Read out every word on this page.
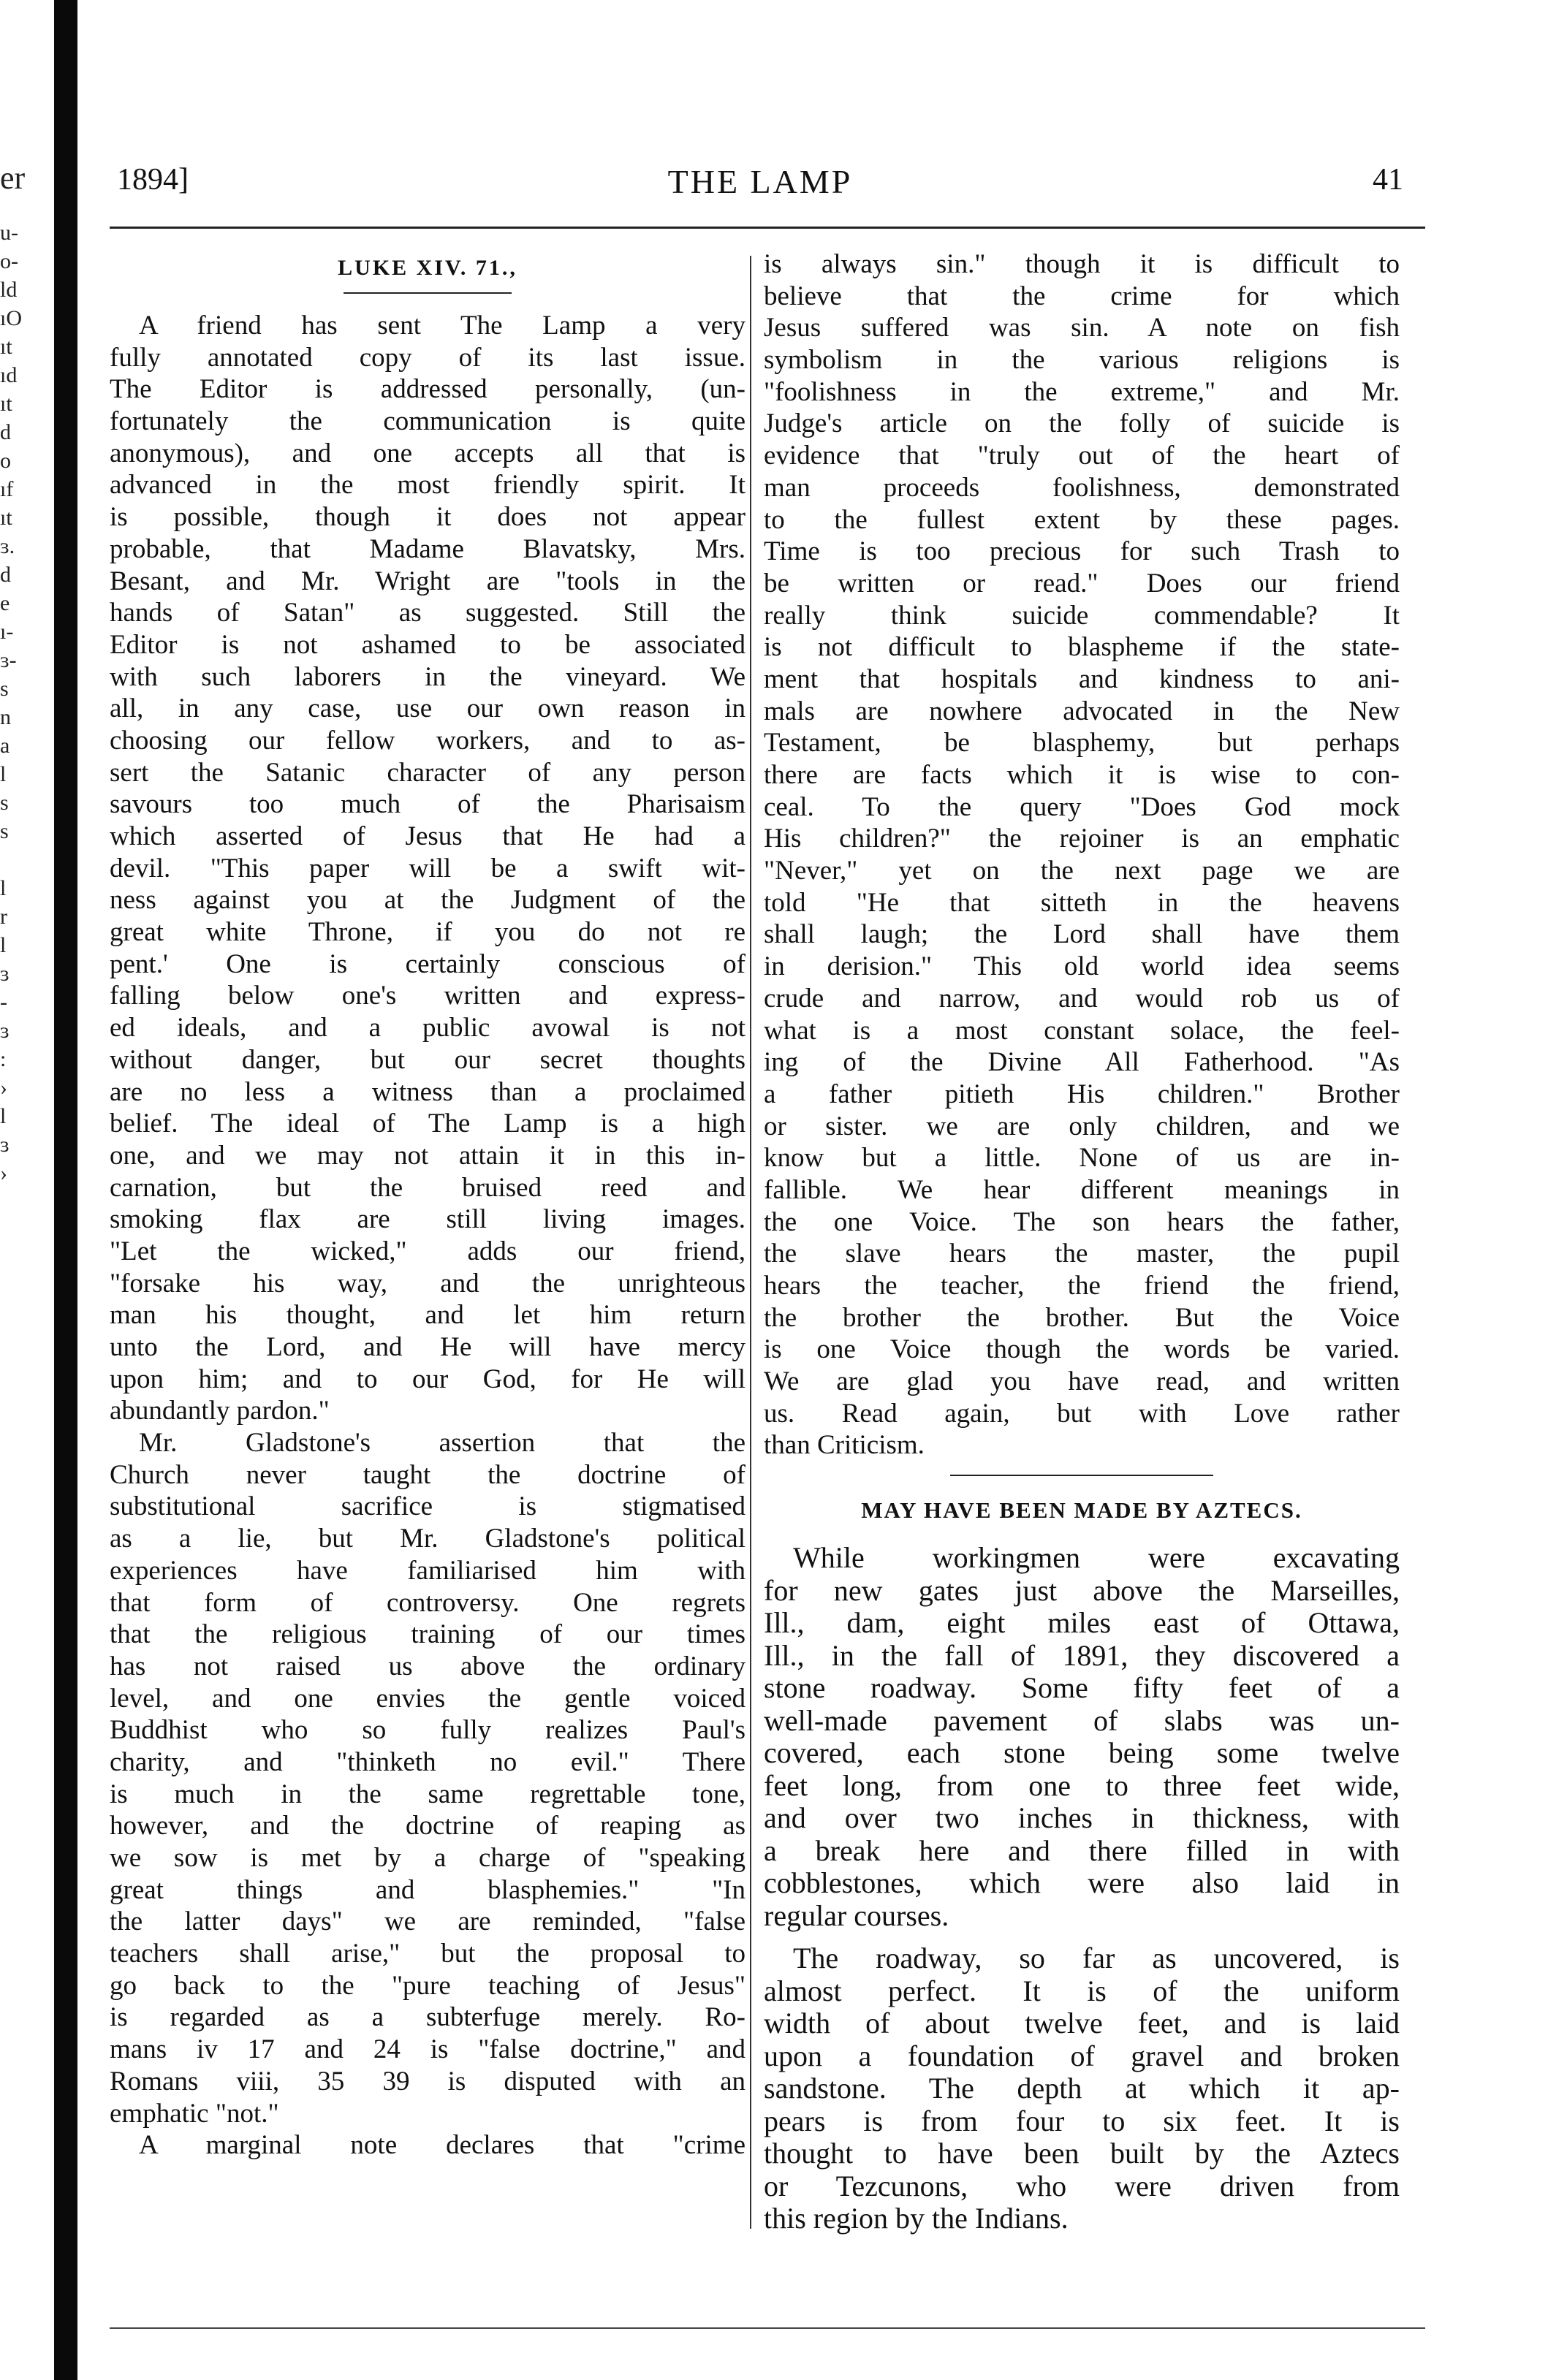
er
u-
o-
ld
ıO
ıt
ıd
ıt
d
o
ıf
ıt
ɜ.
d
e
ı-
ɜ-
s
n
a
l
s
s
l
r
l
ɜ
-
ɜ
:
›
l
ɜ
›
1894]	THE LAMP	41
LUKE XIV. 71.,
A friend has sent The Lamp a very
fully annotated copy of its last issue.
The Editor is addressed personally, (un-
fortunately the communication is quite
anonymous), and one accepts all that is
advanced in the most friendly spirit. It
is possible, though it does not appear
probable, that Madame Blavatsky, Mrs.
Besant, and Mr. Wright are "tools in the
hands of Satan" as suggested. Still the
Editor is not ashamed to be associated
with such laborers in the vineyard. We
all, in any case, use our own reason in
choosing our fellow workers, and to as-
sert the Satanic character of any person
savours too much of the Pharisaism
which asserted of Jesus that He had a
devil. "This paper will be a swift wit-
ness against you at the Judgment of the
great white Throne, if you do not re
pent.' One is certainly conscious of
falling below one's written and express-
ed ideals, and a public avowal is not
without danger, but our secret thoughts
are no less a witness than a proclaimed
belief. The ideal of The Lamp is a high
one, and we may not attain it in this in-
carnation, but the bruised reed and
smoking flax are still living images.
"Let the wicked," adds our friend,
"forsake his way, and the unrighteous
man his thought, and let him return
unto the Lord, and He will have mercy
upon him; and to our God, for He will
abundantly pardon."
Mr. Gladstone's assertion that the
Church never taught the doctrine of
substitutional sacrifice is stigmatised
as a lie, but Mr. Gladstone's political
experiences have familiarised him with
that form of controversy. One regrets
that the religious training of our times
has not raised us above the ordinary
level, and one envies the gentle voiced
Buddhist who so fully realizes Paul's
charity, and "thinketh no evil." There
is much in the same regrettable tone,
however, and the doctrine of reaping as
we sow is met by a charge of "speaking
great things and blasphemies." "In
the latter days" we are reminded, "false
teachers shall arise," but the proposal to
go back to the "pure teaching of Jesus"
is regarded as a subterfuge merely. Ro-
mans iv 17 and 24 is "false doctrine," and
Romans viii, 35 39 is disputed with an
emphatic "not."
A marginal note declares that "crime
is always sin." though it is difficult to
believe that the crime for which
Jesus suffered was sin. A note on fish
symbolism in the various religions is
"foolishness in the extreme," and Mr.
Judge's article on the folly of suicide is
evidence that "truly out of the heart of
man proceeds foolishness, demonstrated
to the fullest extent by these pages.
Time is too precious for such Trash to
be written or read." Does our friend
really think suicide commendable? It
is not difficult to blaspheme if the state-
ment that hospitals and kindness to ani-
mals are nowhere advocated in the New
Testament, be blasphemy, but perhaps
there are facts which it is wise to con-
ceal. To the query "Does God mock
His children?" the rejoiner is an emphatic
"Never," yet on the next page we are
told "He that sitteth in the heavens
shall laugh; the Lord shall have them
in derision." This old world idea seems
crude and narrow, and would rob us of
what is a most constant solace, the feel-
ing of the Divine All Fatherhood. "As
a father pitieth His children." Brother
or sister. we are only children, and we
know but a little. None of us are in-
fallible. We hear different meanings in
the one Voice. The son hears the father,
the slave hears the master, the pupil
hears the teacher, the friend the friend,
the brother the brother. But the Voice
is one Voice though the words be varied.
We are glad you have read, and written
us. Read again, but with Love rather
than Criticism.
MAY HAVE BEEN MADE BY AZTECS.
While workingmen were excavating
for new gates just above the Marseilles,
Ill., dam, eight miles east of Ottawa,
Ill., in the fall of 1891, they discovered a
stone roadway. Some fifty feet of a
well-made pavement of slabs was un-
covered, each stone being some twelve
feet long, from one to three feet wide,
and over two inches in thickness, with
a break here and there filled in with
cobblestones, which were also laid in
regular courses.
The roadway, so far as uncovered, is
almost perfect. It is of the uniform
width of about twelve feet, and is laid
upon a foundation of gravel and broken
sandstone. The depth at which it ap-
pears is from four to six feet. It is
thought to have been built by the Aztecs
or Tezcunons, who were driven from
this region by the Indians.
